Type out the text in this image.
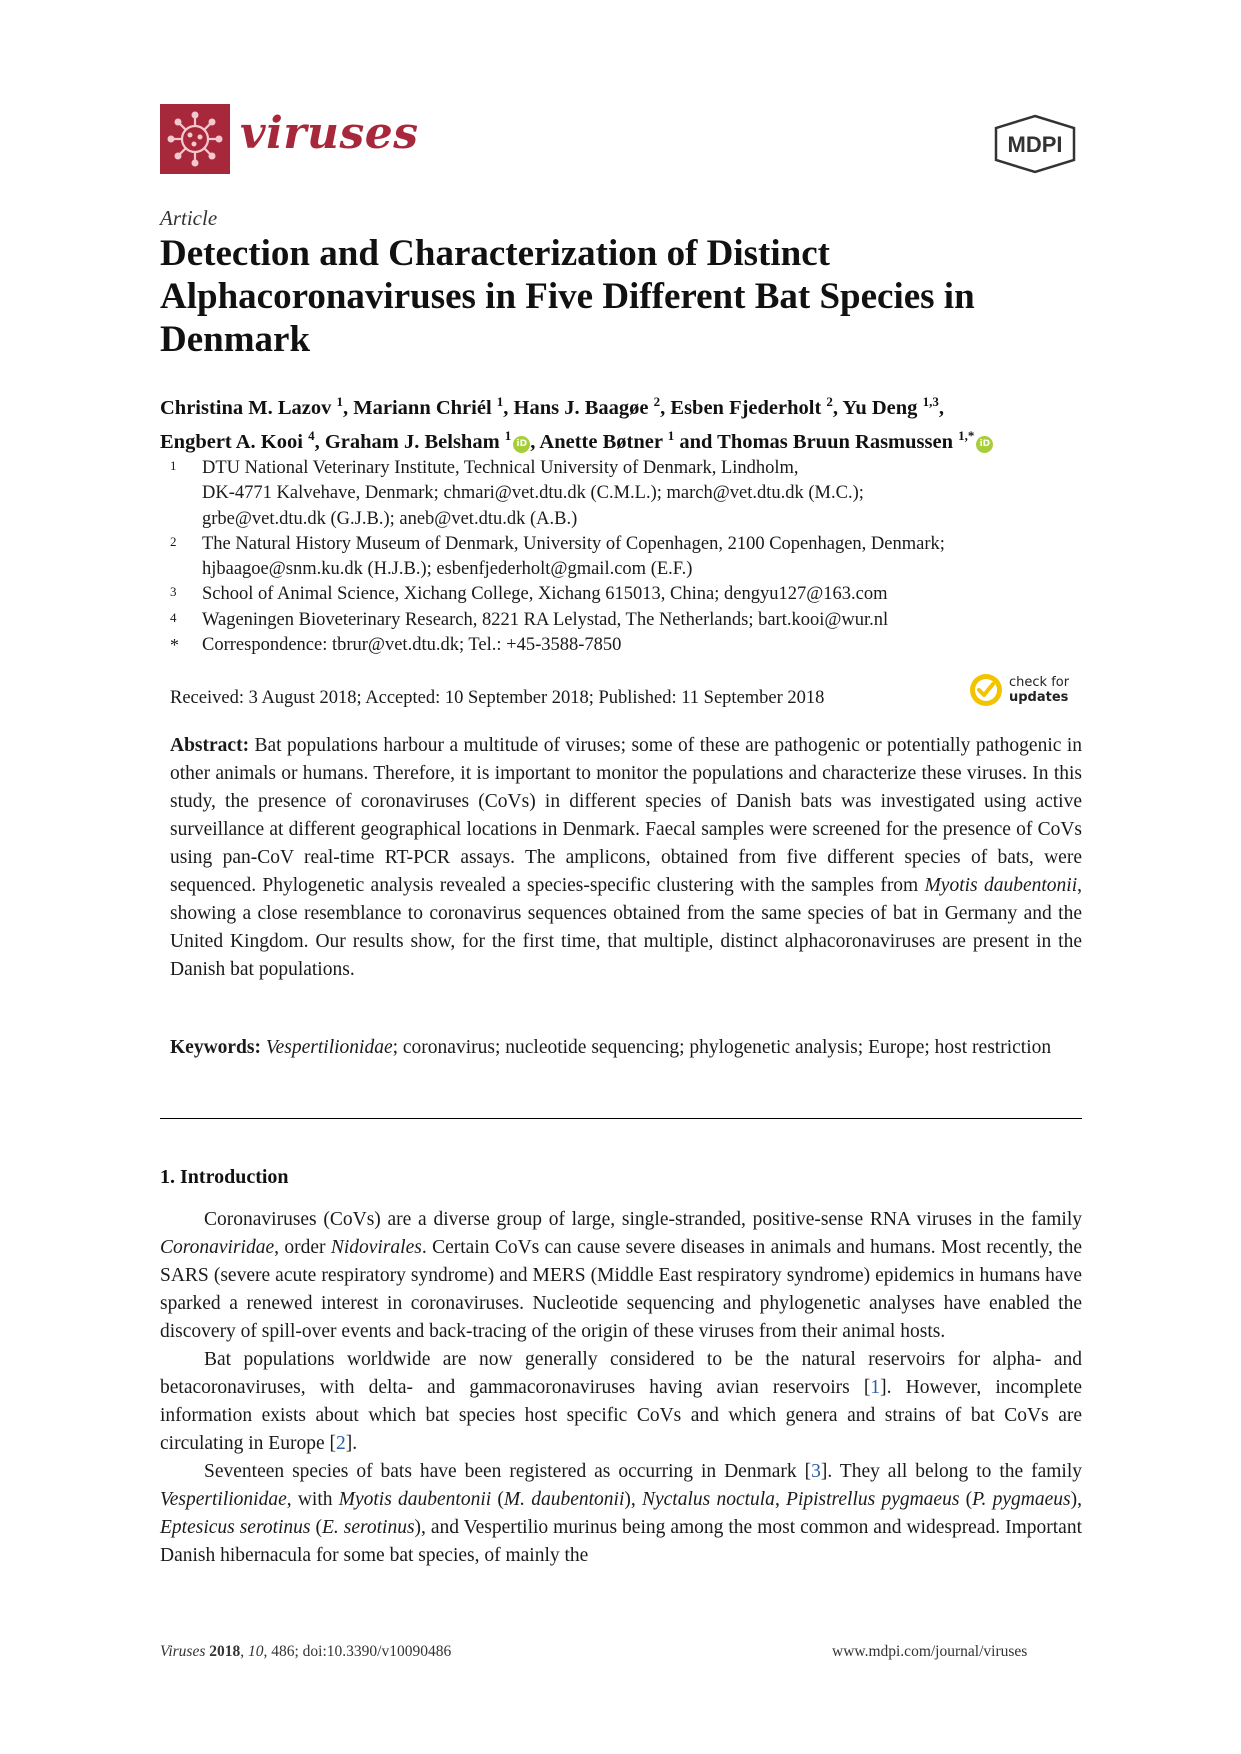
viruses	MDPI
Article
Detection and Characterization of Distinct Alphacoronaviruses in Five Different Bat Species in Denmark
Christina M. Lazov $^1$, Mariann Chriél $^1$, Hans J. Baagøe $^2$, Esben Fjederholt $^2$, Yu Deng $^{1,3}$,
Engbert A. Kooi $^4$, Graham J. Belsham $^1$iD , Anette Bøtner $^1$ and Thomas Bruun Rasmussen $^{1,*}$iD
1	DTU National Veterinary Institute, Technical University of Denmark, Lindholm,
DK-4771 Kalvehave, Denmark; chmari@vet.dtu.dk (C.M.L.); march@vet.dtu.dk (M.C.);
grbe@vet.dtu.dk (G.J.B.); aneb@vet.dtu.dk (A.B.)
2	The Natural History Museum of Denmark, University of Copenhagen, 2100 Copenhagen, Denmark;
hjbaagoe@snm.ku.dk (H.J.B.); esbenfjederholt@gmail.com (E.F.)
3	School of Animal Science, Xichang College, Xichang 615013, China; dengyu127@163.com
4	Wageningen Bioveterinary Research, 8221 RA Lelystad, The Netherlands; bart.kooi@wur.nl
*	Correspondence: tbrur@vet.dtu.dk; Tel.: +45-3588-7850
Received: 3 August 2018; Accepted: 10 September 2018; Published: 11 September 2018
check for
updates
Abstract: Bat populations harbour a multitude of viruses; some of these are pathogenic or potentially pathogenic in other animals or humans. Therefore, it is important to monitor the populations and characterize these viruses. In this study, the presence of coronaviruses (CoVs) in different species of Danish bats was investigated using active surveillance at different geographical locations in Denmark. Faecal samples were screened for the presence of CoVs using pan-CoV real-time RT-PCR assays. The amplicons, obtained from five different species of bats, were sequenced. Phylogenetic analysis revealed a species-specific clustering with the samples from Myotis daubentonii, showing a close resemblance to coronavirus sequences obtained from the same species of bat in Germany and the United Kingdom. Our results show, for the first time, that multiple, distinct alphacoronaviruses are present in the Danish bat populations.
Keywords: Vespertilionidae; coronavirus; nucleotide sequencing; phylogenetic analysis; Europe; host restriction
1. Introduction

Coronaviruses (CoVs) are a diverse group of large, single-stranded, positive-sense RNA viruses in the family Coronaviridae, order Nidovirales. Certain CoVs can cause severe diseases in animals and humans. Most recently, the SARS (severe acute respiratory syndrome) and MERS (Middle East respiratory syndrome) epidemics in humans have sparked a renewed interest in coronaviruses. Nucleotide sequencing and phylogenetic analyses have enabled the discovery of spill-over events and back-tracing of the origin of these viruses from their animal hosts.

Bat populations worldwide are now generally considered to be the natural reservoirs for alpha- and betacoronaviruses, with delta- and gammacoronaviruses having avian reservoirs [1]. However, incomplete information exists about which bat species host specific CoVs and which genera and strains of bat CoVs are circulating in Europe [2].

Seventeen species of bats have been registered as occurring in Denmark [3]. They all belong to the family Vespertilionidae, with Myotis daubentonii (M. daubentonii), Nyctalus noctula, Pipistrellus pygmaeus (P. pygmaeus), Eptesicus serotinus (E. serotinus), and Vespertilio murinus being among the most common and widespread. Important Danish hibernacula for some bat species, of mainly the

Viruses 2018, 10, 486; doi:10.3390/v10090486	www.mdpi.com/journal/viruses
